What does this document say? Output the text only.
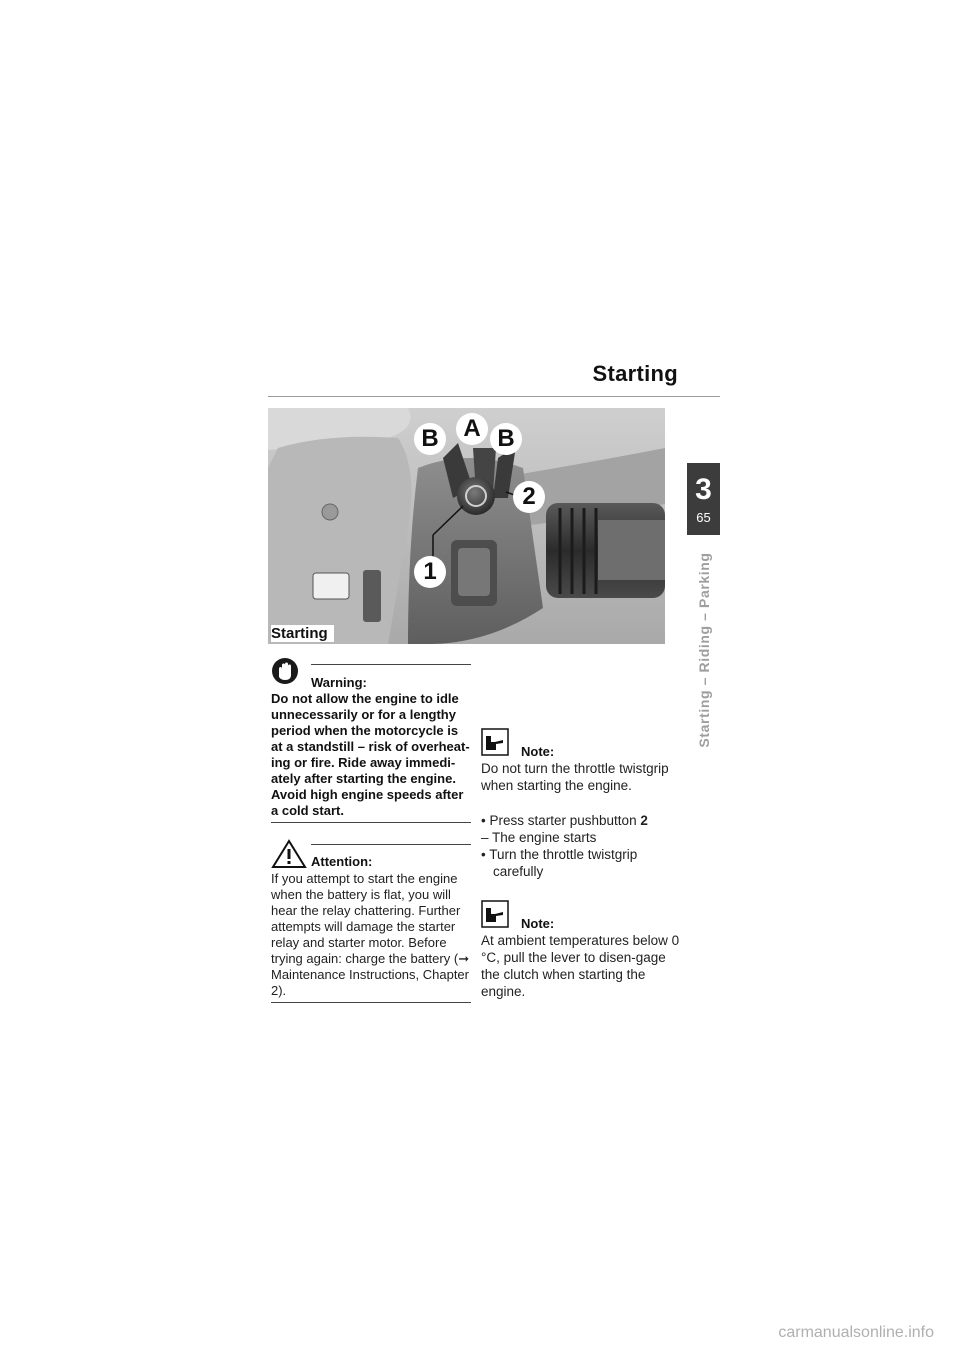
Starting
3
65
Starting – Riding – Parking
B	A B
2
1
Starting
Warning:

Do not allow the engine to idle unnecessarily or for a lengthy period when the motorcycle is at a standstill – risk of overheat-ing or fire. Ride away immedi-ately after starting the engine. Avoid high engine speeds after a cold start.

Attention:

If you attempt to start the engine when the battery is flat, you will hear the relay chattering. Further attempts will damage the starter relay and starter motor. Before trying again: charge the battery (➞ Maintenance Instructions, Chapter 2).

Note:

Do not turn the throttle twistgrip when starting the engine.

• Press starter pushbutton 2
– The engine starts
• Turn the throttle twistgrip carefully
Note:

At ambient temperatures below 0 °C, pull the lever to disen-gage the clutch when starting the engine.

carmanualsonline.info
